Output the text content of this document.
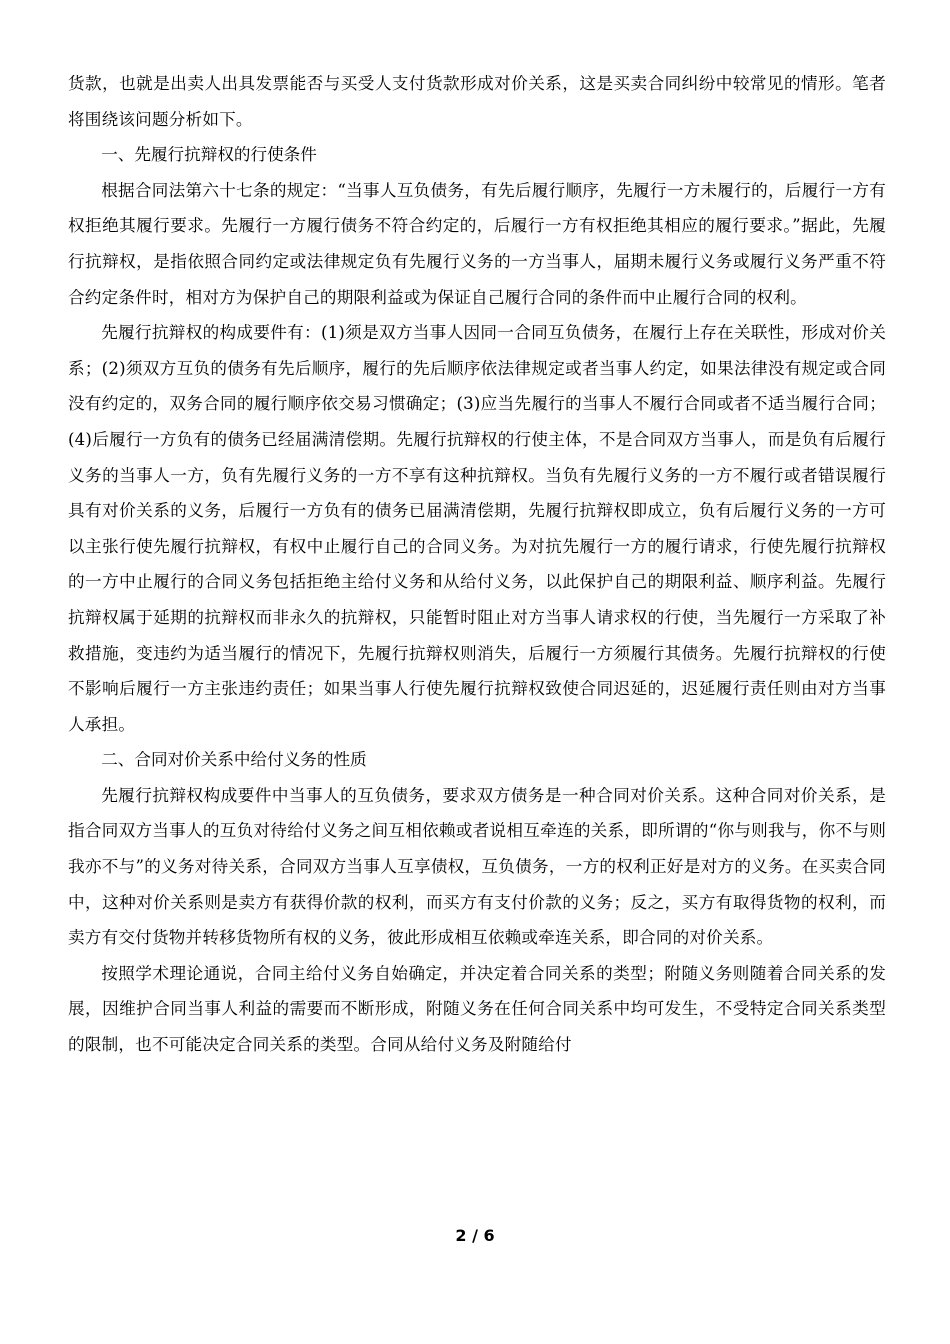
货款，也就是出卖人出具发票能否与买受人支付货款形成对价关系，这是买卖合同纠纷中较常见的情形。笔者将围绕该问题分析如下。

一、先履行抗辩权的行使条件

根据合同法第六十七条的规定：“当事人互负债务，有先后履行顺序，先履行一方未履行的，后履行一方有权拒绝其履行要求。先履行一方履行债务不符合约定的，后履行一方有权拒绝其相应的履行要求。”据此，先履行抗辩权，是指依照合同约定或法律规定负有先履行义务的一方当事人，届期未履行义务或履行义务严重不符合约定条件时，相对方为保护自己的期限利益或为保证自己履行合同的条件而中止履行合同的权利。

先履行抗辩权的构成要件有：(1)须是双方当事人因同一合同互负债务，在履行上存在关联性，形成对价关系；(2)须双方互负的债务有先后顺序，履行的先后顺序依法律规定或者当事人约定，如果法律没有规定或合同没有约定的，双务合同的履行顺序依交易习惯确定；(3)应当先履行的当事人不履行合同或者不适当履行合同；(4)后履行一方负有的债务已经届满清偿期。先履行抗辩权的行使主体，不是合同双方当事人，而是负有后履行义务的当事人一方，负有先履行义务的一方不享有这种抗辩权。当负有先履行义务的一方不履行或者错误履行具有对价关系的义务，后履行一方负有的债务已届满清偿期，先履行抗辩权即成立，负有后履行义务的一方可以主张行使先履行抗辩权，有权中止履行自己的合同义务。为对抗先履行一方的履行请求，行使先履行抗辩权的一方中止履行的合同义务包括拒绝主给付义务和从给付义务，以此保护自己的期限利益、顺序利益。先履行抗辩权属于延期的抗辩权而非永久的抗辩权，只能暂时阻止对方当事人请求权的行使，当先履行一方采取了补救措施，变违约为适当履行的情况下，先履行抗辩权则消失，后履行一方须履行其债务。先履行抗辩权的行使不影响后履行一方主张违约责任；如果当事人行使先履行抗辩权致使合同迟延的，迟延履行责任则由对方当事人承担。

二、合同对价关系中给付义务的性质

先履行抗辩权构成要件中当事人的互负债务，要求双方债务是一种合同对价关系。这种合同对价关系，是指合同双方当事人的互负对待给付义务之间互相依赖或者说相互牵连的关系，即所谓的“你与则我与，你不与则我亦不与”的义务对待关系，合同双方当事人互享债权，互负债务，一方的权利正好是对方的义务。在买卖合同中，这种对价关系则是卖方有获得价款的权利，而买方有支付价款的义务；反之，买方有取得货物的权利，而卖方有交付货物并转移货物所有权的义务，彼此形成相互依赖或牵连关系，即合同的对价关系。

按照学术理论通说，合同主给付义务自始确定，并决定着合同关系的类型；附随义务则随着合同关系的发展，因维护合同当事人利益的需要而不断形成，附随义务在任何合同关系中均可发生，不受特定合同关系类型的限制，也不可能决定合同关系的类型。合同从给付义务及附随给付

2 / 6
